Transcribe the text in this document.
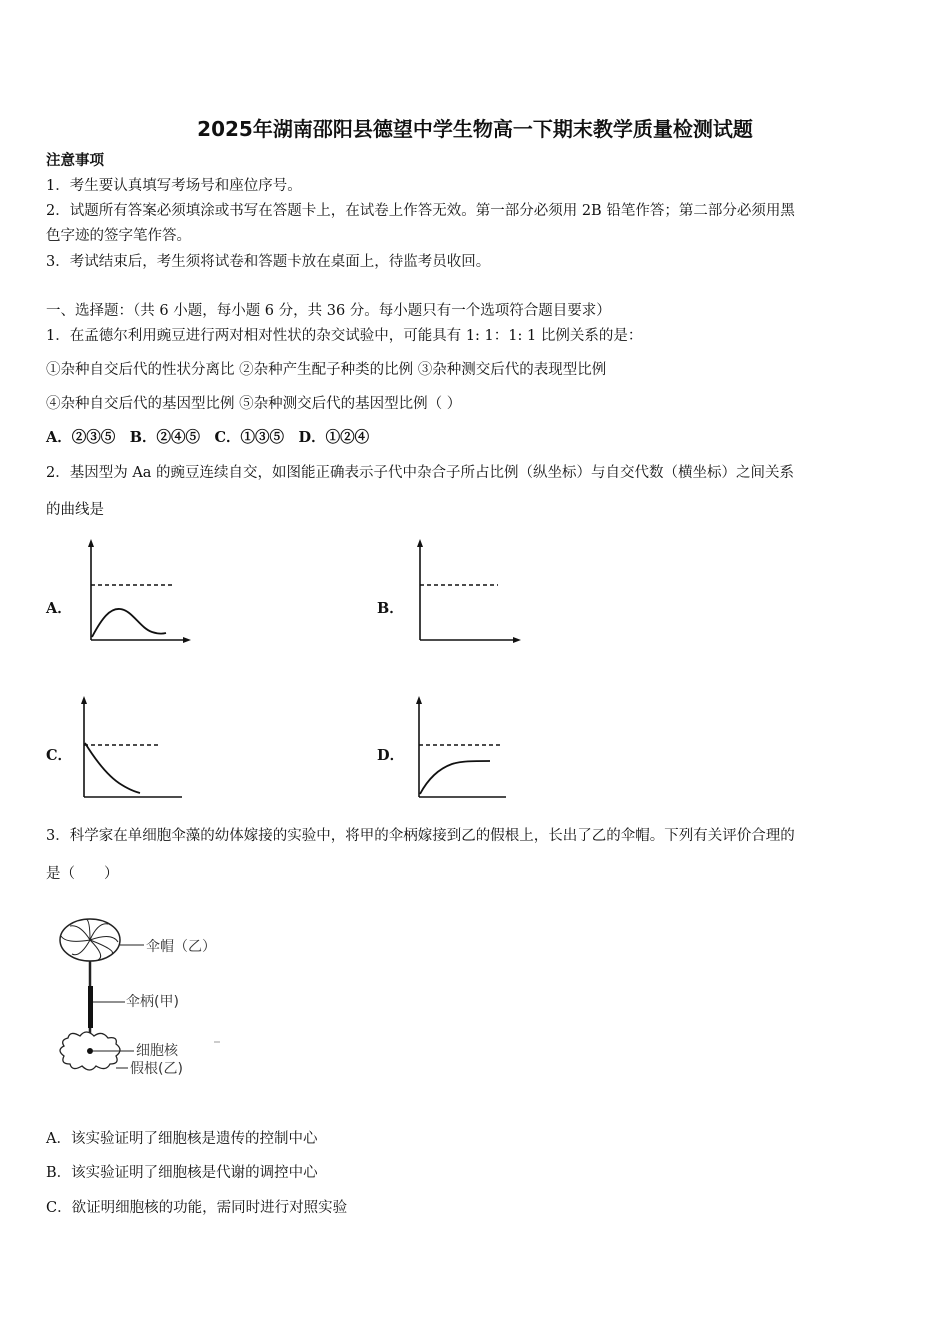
2025年湖南邵阳县德望中学生物高一下期末教学质量检测试题
注意事项
1．考生要认真填写考场号和座位序号。
2．试题所有答案必须填涂或书写在答题卡上，在试卷上作答无效。第一部分必须用 2B 铅笔作答；第二部分必须用黑
色字迹的签字笔作答。
3．考试结束后，考生须将试卷和答题卡放在桌面上，待监考员收回。
一、选择题：（共 6 小题，每小题 6 分，共 36 分。每小题只有一个选项符合题目要求）
1．在孟德尔利用豌豆进行两对相对性状的杂交试验中，可能具有 1: 1：1: 1 比例关系的是：
①杂种自交后代的性状分离比 ②杂种产生配子种类的比例 ③杂种测交后代的表现型比例
④杂种自交后代的基因型比例 ⑤杂种测交后代的基因型比例（ ）
A．②③⑤　B．②④⑤　C．①③⑤　D．①②④
2．基因型为 Aa 的豌豆连续自交，如图能正确表示子代中杂合子所占比例（纵坐标）与自交代数（横坐标）之间关系
的曲线是
A．	B．
C．	D．
3．科学家在单细胞伞藻的幼体嫁接的实验中，将甲的伞柄嫁接到乙的假根上，长出了乙的伞帽。下列有关评价合理的
是（　　）
伞帽（乙）
伞柄(甲)
细胞核
假根(乙)
A．该实验证明了细胞核是遗传的控制中心
B．该实验证明了细胞核是代谢的调控中心
C．欲证明细胞核的功能，需同时进行对照实验
